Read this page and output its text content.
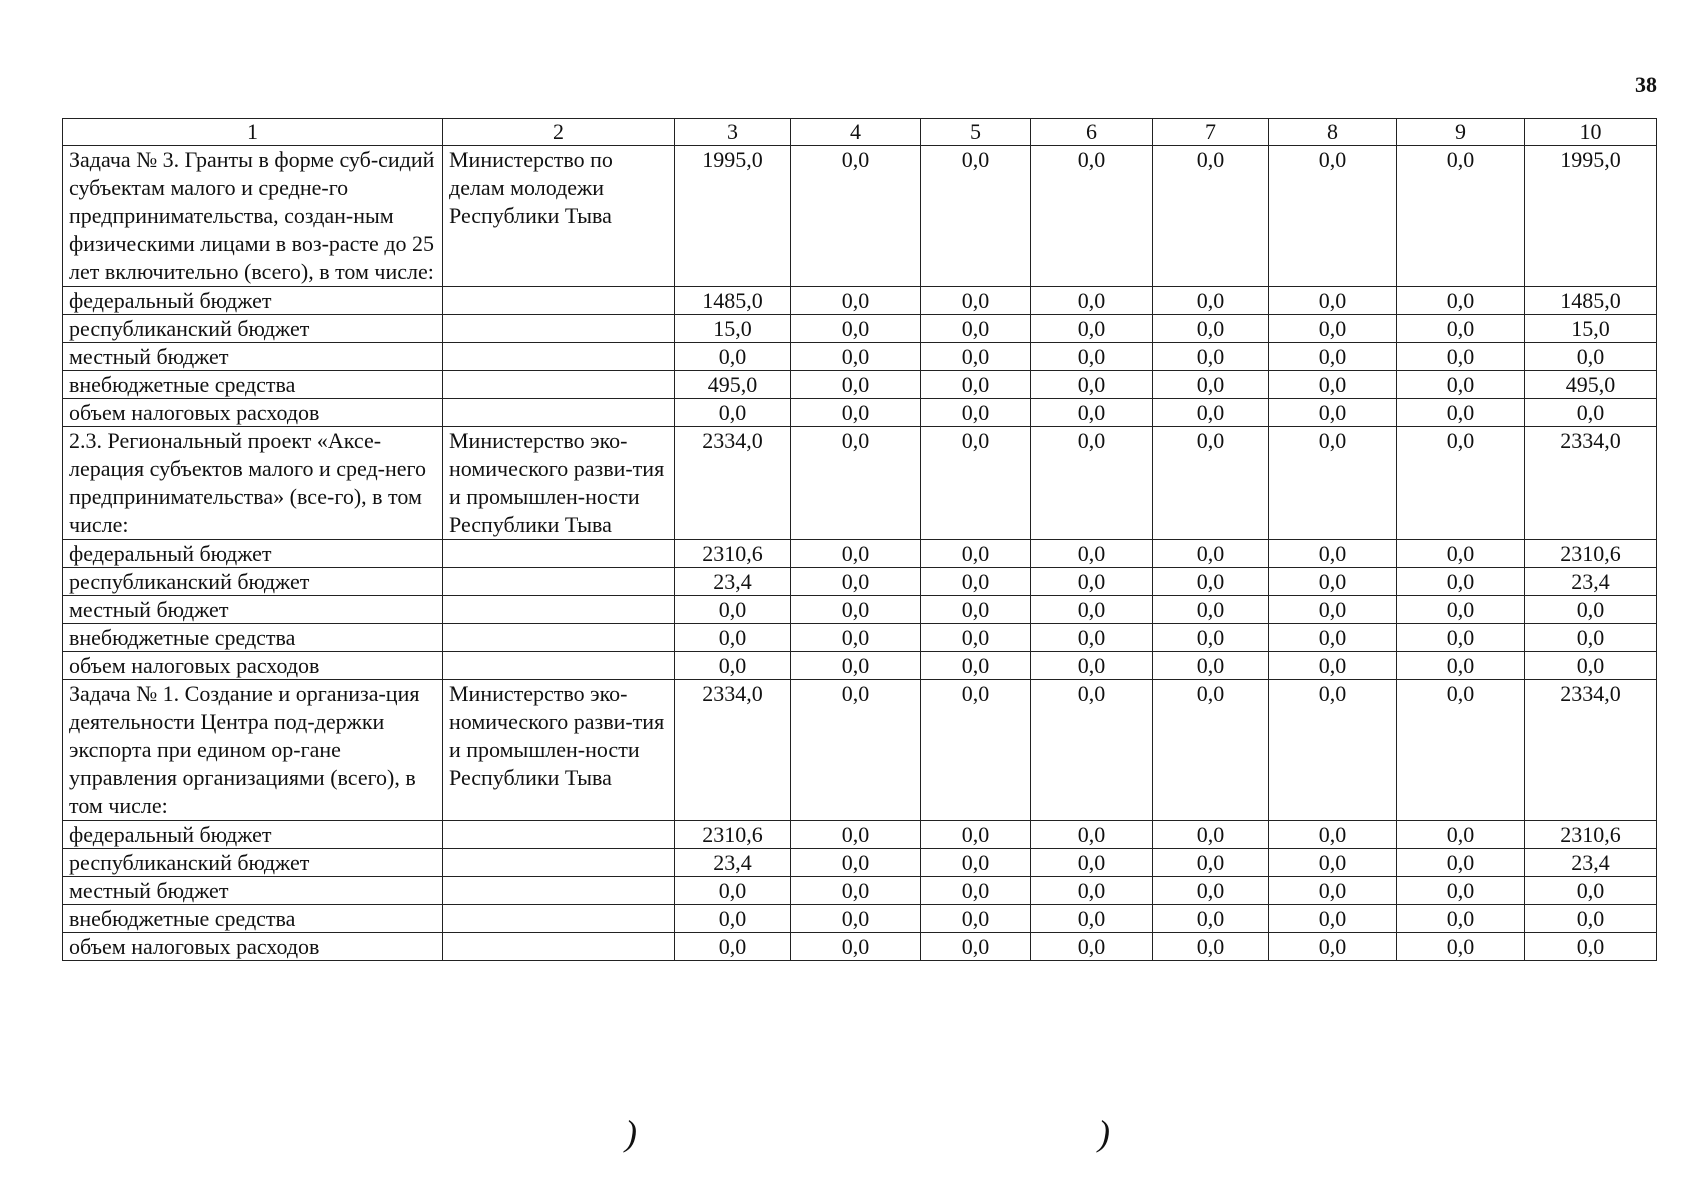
38
1	2	3	4	5	6	7	8	9	10
Задача № 3. Гранты в форме суб-сидий субъектам малого и средне-го предпринимательства, создан-ным физическими лицами в воз-расте до 25 лет включительно (всего), в том числе:	Министерство по делам молодежи Республики Тыва	1995,0	0,0	0,0	0,0	0,0	0,0	0,0	1995,0
федеральный бюджет		1485,0	0,0	0,0	0,0	0,0	0,0	0,0	1485,0
республиканский бюджет		15,0	0,0	0,0	0,0	0,0	0,0	0,0	15,0
местный бюджет		0,0	0,0	0,0	0,0	0,0	0,0	0,0	0,0
внебюджетные средства		495,0	0,0	0,0	0,0	0,0	0,0	0,0	495,0
объем налоговых расходов		0,0	0,0	0,0	0,0	0,0	0,0	0,0	0,0
2.3. Региональный проект «Аксе-лерация субъектов малого и сред-него предпринимательства» (все-го), в том числе:	Министерство эко-номического разви-тия и промышлен-ности Республики Тыва	2334,0	0,0	0,0	0,0	0,0	0,0	0,0	2334,0
федеральный бюджет		2310,6	0,0	0,0	0,0	0,0	0,0	0,0	2310,6
республиканский бюджет		23,4	0,0	0,0	0,0	0,0	0,0	0,0	23,4
местный бюджет		0,0	0,0	0,0	0,0	0,0	0,0	0,0	0,0
внебюджетные средства		0,0	0,0	0,0	0,0	0,0	0,0	0,0	0,0
объем налоговых расходов		0,0	0,0	0,0	0,0	0,0	0,0	0,0	0,0
Задача № 1. Создание и организа-ция деятельности Центра под-держки экспорта при едином ор-гане управления организациями (всего), в том числе:	Министерство эко-номического разви-тия и промышлен-ности Республики Тыва	2334,0	0,0	0,0	0,0	0,0	0,0	0,0	2334,0
федеральный бюджет		2310,6	0,0	0,0	0,0	0,0	0,0	0,0	2310,6
республиканский бюджет		23,4	0,0	0,0	0,0	0,0	0,0	0,0	23,4
местный бюджет		0,0	0,0	0,0	0,0	0,0	0,0	0,0	0,0
внебюджетные средства		0,0	0,0	0,0	0,0	0,0	0,0	0,0	0,0
объем налоговых расходов		0,0	0,0	0,0	0,0	0,0	0,0	0,0	0,0
)	)
